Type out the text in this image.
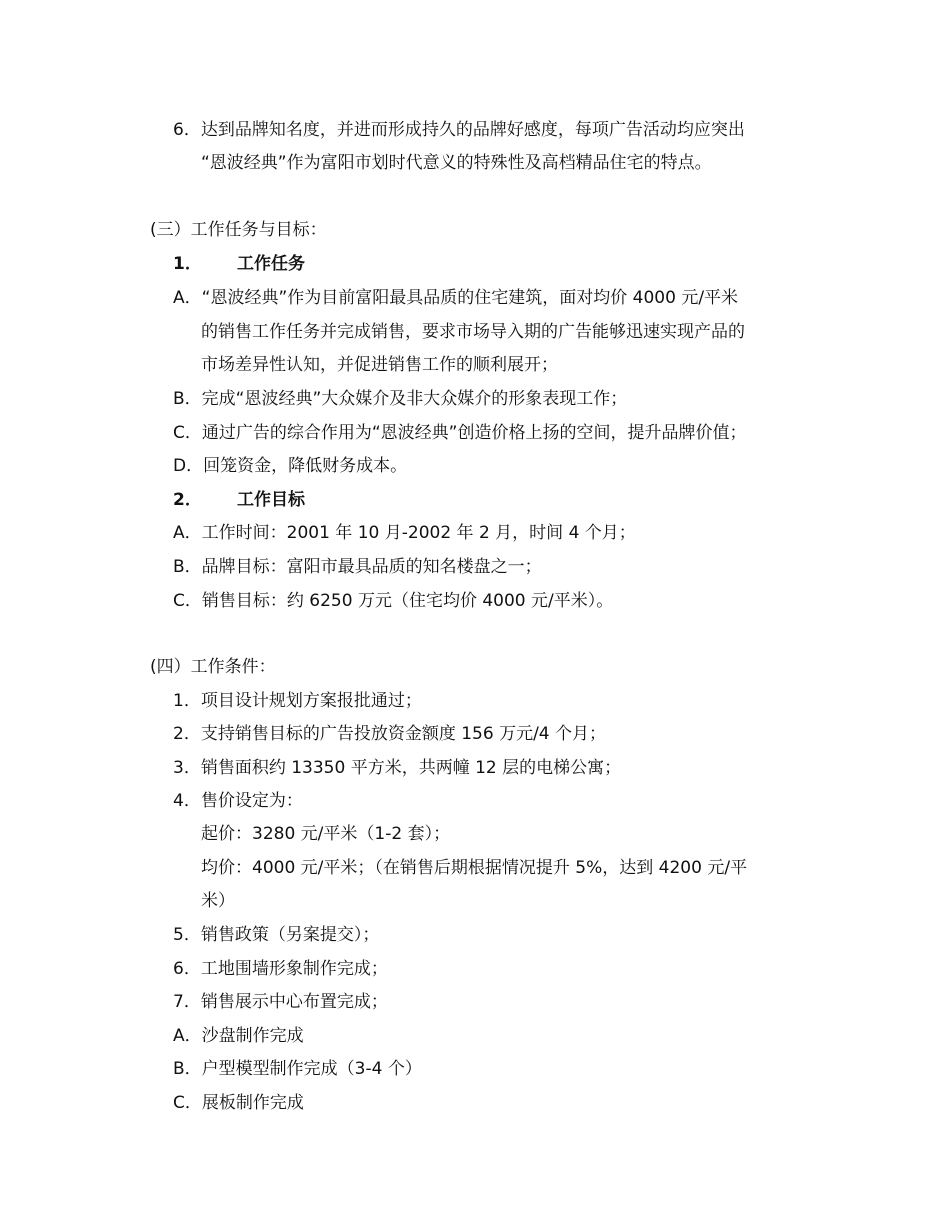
6．达到品牌知名度，并进而形成持久的品牌好感度，每项广告活动均应突出
“恩波经典”作为富阳市划时代意义的特殊性及高档精品住宅的特点。
(三）工作任务与目标：
1． 工作任务
A．“恩波经典”作为目前富阳最具品质的住宅建筑，面对均价 4000 元/平米
的销售工作任务并完成销售，要求市场导入期的广告能够迅速实现产品的
市场差异性认知，并促进销售工作的顺利展开；
B．完成“恩波经典”大众媒介及非大众媒介的形象表现工作；
C．通过广告的综合作用为“恩波经典”创造价格上扬的空间，提升品牌价值；
D．回笼资金，降低财务成本。
2． 工作目标
A．工作时间：2001 年 10 月-2002 年 2 月，时间 4 个月；
B．品牌目标：富阳市最具品质的知名楼盘之一；
C．销售目标：约 6250 万元（住宅均价 4000 元/平米）。
(四）工作条件：
1．项目设计规划方案报批通过；
2．支持销售目标的广告投放资金额度 156 万元/4 个月；
3．销售面积约 13350 平方米，共两幢 12 层的电梯公寓；
4．售价设定为：
起价：3280 元/平米（1-2 套）；
均价：4000 元/平米；（在销售后期根据情况提升 5%，达到 4200 元/平
米）
5．销售政策（另案提交）；
6．工地围墙形象制作完成；
7．销售展示中心布置完成；
A．沙盘制作完成
B．户型模型制作完成（3-4 个）
C．展板制作完成
